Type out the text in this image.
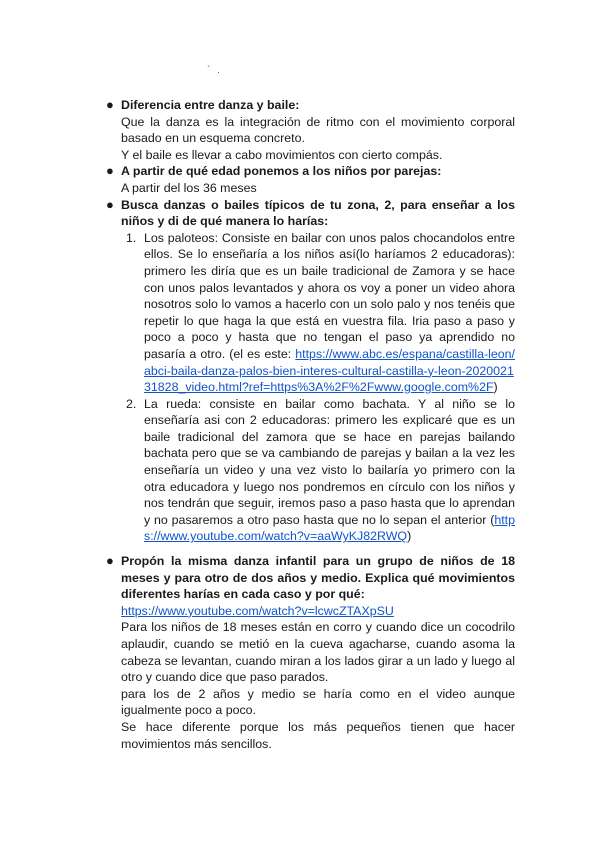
` .
● Diferencia entre danza y baile:

Que la danza es la integración de ritmo con el movimiento corporal basado en un esquema concreto.

Y el baile es llevar a cabo movimientos con cierto compás.

● A partir de qué edad ponemos a los niños por parejas:

A partir del los 36 meses

● Busca danzas o bailes típicos de tu zona, 2, para enseñar a los niños y di de qué manera lo harías:
1. Los paloteos: Consiste en bailar con unos palos chocandolos entre ellos. Se lo enseñaría a los niños así(lo haríamos 2 educadoras): primero les diría que es un baile tradicional de Zamora y se hace con unos palos levantados y ahora os voy a poner un video ahora nosotros solo lo vamos a hacerlo con un solo palo y nos tenéis que repetir lo que haga la que está en vuestra fila. Iria paso a paso y poco a poco y hasta que no tengan el paso ya aprendido no pasaría a otro. (el es este: https://www.abc.es/espana/castilla-leon/abci-baila-danza-palos-bien-interes-cultural-castilla-y-leon-202002131828_video.html?ref=https%3A%2F%2Fwww.google.com%2F)
2. La rueda: consiste en bailar como bachata. Y al niño se lo enseñaría asi con 2 educadoras: primero les explicaré que es un baile tradicional del zamora que se hace en parejas bailando bachata pero que se va cambiando de parejas y bailan a la vez les enseñaría un video y una vez visto lo bailaría yo primero con la otra educadora y luego nos pondremos en círculo con los niños y nos tendrán que seguir, iremos paso a paso hasta que lo aprendan y no pasaremos a otro paso hasta que no lo sepan el anterior (https://www.youtube.com/watch?v=aaWyKJ82RWQ)
● Propón la misma danza infantil para un grupo de niños de 18 meses y para otro de dos años y medio. Explica qué movimientos diferentes harías en cada caso y por qué:

https://www.youtube.com/watch?v=lcwcZTAXpSU

Para los niños de 18 meses están en corro y cuando dice un cocodrilo aplaudir, cuando se metió en la cueva agacharse, cuando asoma la cabeza se levantan, cuando miran a los lados girar a un lado y luego al otro y cuando dice que paso parados.

para los de 2 años y medio se haría como en el video aunque igualmente poco a poco.

Se hace diferente porque los más pequeños tienen que hacer movimientos más sencillos.
